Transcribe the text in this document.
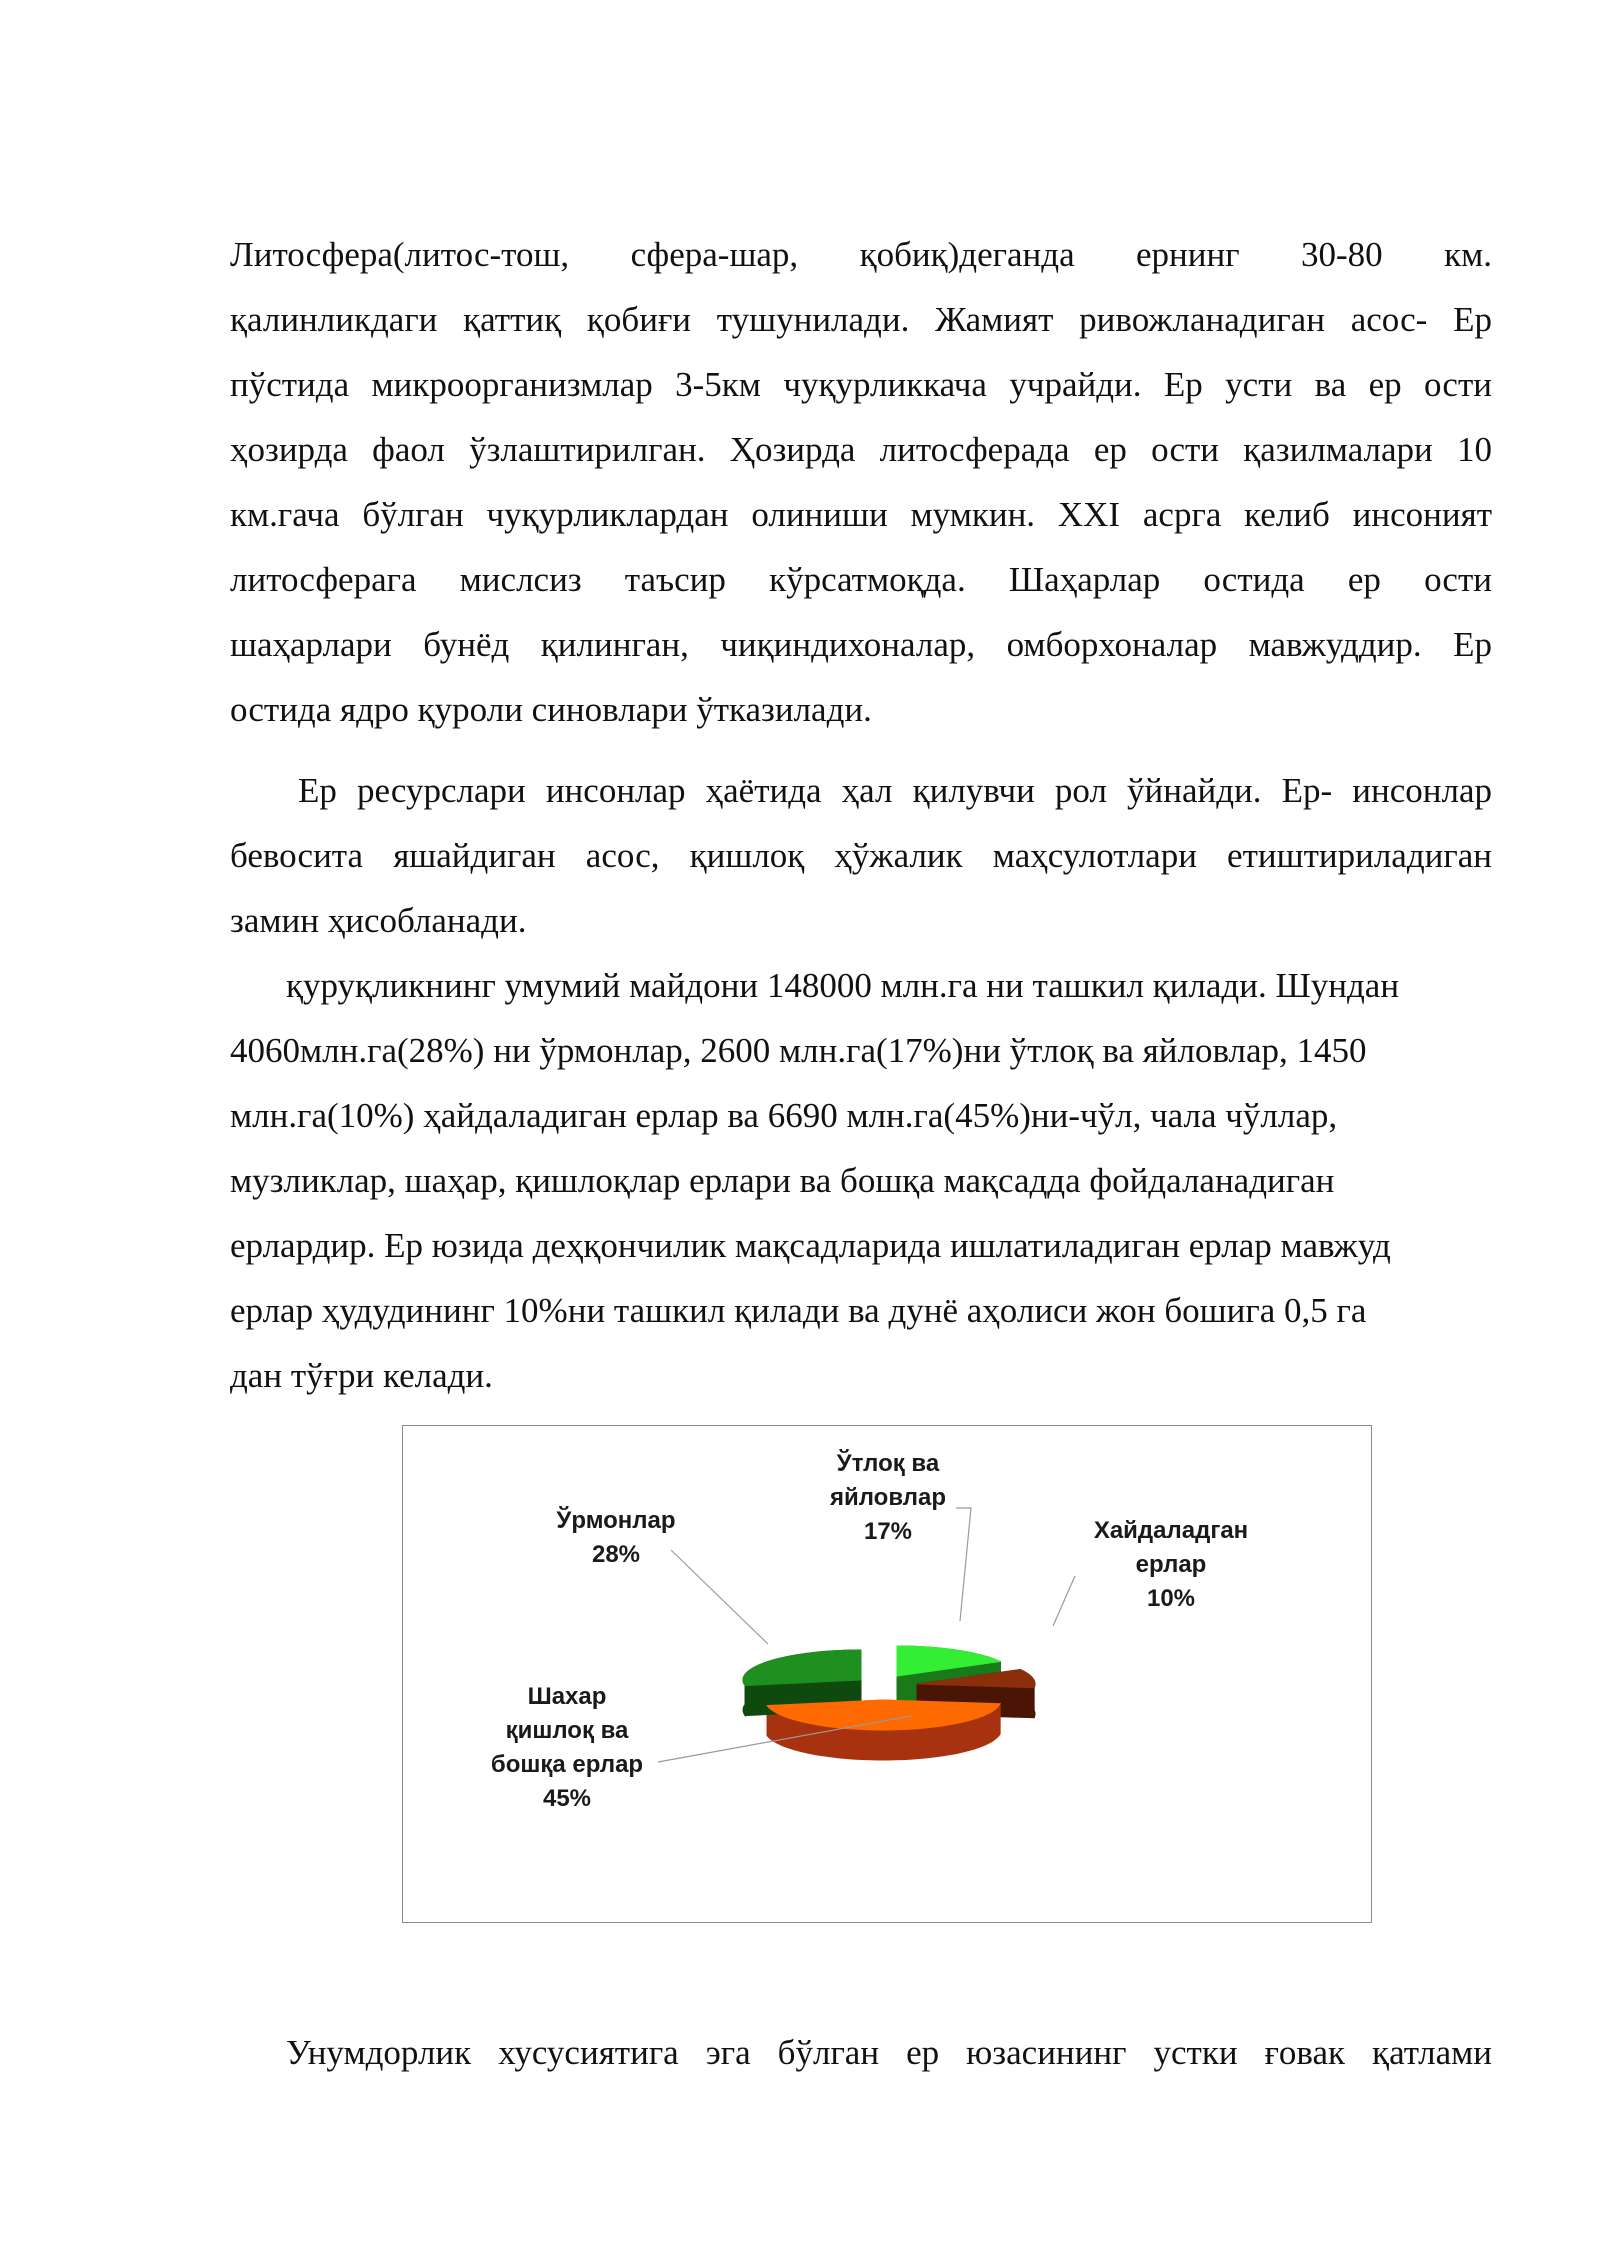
Литосфера(литос-тош, сфера-шар, қобиқ)деганда ернинг 30-80 км.
қалинликдаги қаттиқ қобиғи тушунилади. Жамият ривожланадиган асос- Ер
пўстида микроорганизмлар 3-5км чуқурликкача учрайди. Ер усти ва ер ости
ҳозирда фаол ўзлаштирилган. Ҳозирда литосферада ер ости қазилмалари 10
км.гача бўлган чуқурликлардан олиниши мумкин. XXI асрга келиб инсоният
литосферага мислсиз таъсир кўрсатмоқда. Шаҳарлар остида ер ости
шаҳарлари бунёд қилинган, чиқиндихоналар, омборхоналар мавжуддир. Ер
остида ядро қуроли синовлари ўтказилади.

Ер ресурслари инсонлар ҳаётида ҳал қилувчи рол ўйнайди. Ер- инсонлар
бевосита яшайдиган асос, қишлоқ ҳўжалик маҳсулотлари етиштириладиган
замин ҳисобланади.

қуруқликнинг умумий майдони 148000 млн.га ни ташкил қилади. Шундан
4060млн.га(28%) ни ўрмонлар, 2600 млн.га(17%)ни ўтлоқ ва яйловлар, 1450
млн.га(10%) ҳайдаладиган ерлар ва 6690 млн.га(45%)ни-чўл, чала чўллар,
музликлар, шаҳар, қишлоқлар ерлари ва бошқа мақсадда фойдаланадиган
ерлардир. Ер юзида деҳқончилик мақсадларида ишлатиладиган ерлар мавжуд
ерлар ҳудудининг 10%ни ташкил қилади ва дунё аҳолиси жон бошига 0,5 га
дан тўғри келади.

Ўрмонлар 28%
Ўтлоқ ва яйловлар 17%	Хайдаладган ерлар 10%
Шахар қишлоқ ва бошқа ерлар 45%

Унумдорлик хусусиятига эга бўлган ер юзасининг устки ғовак қатлами
